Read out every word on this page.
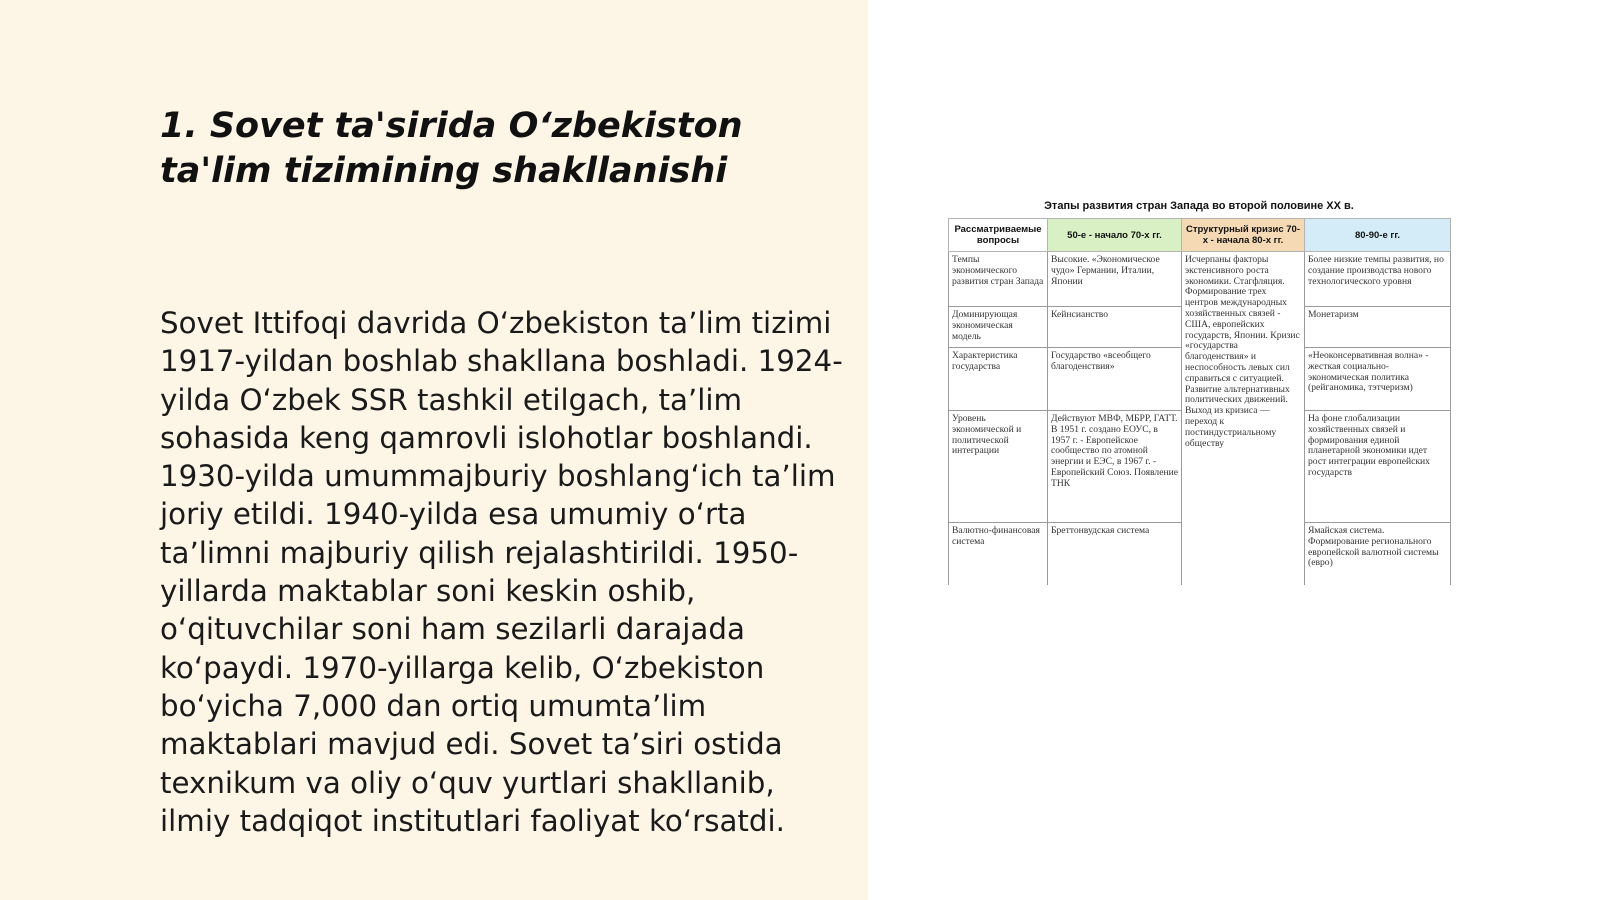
1. Sovet ta'sirida O‘zbekiston ta'lim tizimining shakllanishi

Sovet Ittifoqi davrida O‘zbekiston ta’lim tizimi 1917-yildan boshlab shakllana boshladi. 1924-yilda O‘zbek SSR tashkil etilgach, ta’lim sohasida keng qamrovli islohotlar boshlandi. 1930-yilda umummajburiy boshlang‘ich ta’lim joriy etildi. 1940-yilda esa umumiy o‘rta ta’limni majburiy qilish rejalashtirildi. 1950-yillarda maktablar soni keskin oshib, o‘qituvchilar soni ham sezilarli darajada ko‘paydi. 1970-yillarga kelib, O‘zbekiston bo‘yicha 7,000 dan ortiq umumta’lim maktablari mavjud edi. Sovet ta’siri ostida texnikum va oliy o‘quv yurtlari shakllanib, ilmiy tadqiqot institutlari faoliyat ko‘rsatdi.

Этапы развития стран Запада во второй половине XX в.
Рассматриваемые вопросы	50-е - начало 70-х гг.	Структурный кризис 70-х - начала 80-х гг.	80-90-е гг.
Темпы экономического развития стран Запада	Высокие. «Экономическое чудо» Германии, Италии, Японии	Исчерпаны факторы экстенсивного роста экономики. Стагфляция. Формирование трех центров международных хозяйственных связей - США, европейских государств, Японии. Кризис «государства благоденствия» и неспособность левых сил справиться с ситуацией. Развитие альтернативных политических движений. Выход из кризиса — переход к постиндустриальному обществу	Более низкие темпы развития, но создание производства нового технологического уровня
Доминирующая экономическая модель	Кейнсианство		Монетаризм
Характеристика государства	Государство «всеобщего благоденствия»		«Неоконсервативная волна» - жесткая социально-экономическая политика (рейганомика, тэтчеризм)
Уровень экономической и политической интеграции	Действуют МВФ, МБРР, ГАТТ. В 1951 г. создано ЕОУС, в 1957 г. - Европейское сообщество по атомной энергии и ЕЭС, в 1967 г. - Европейский Союз. Появление ТНК		На фоне глобализации хозяйственных связей и формирования единой планетарной экономики идет рост интеграции европейских государств
Валютно-финансовая система	Бреттонвудская система		Ямайская система. Формирование регионального европейской валютной системы (евро)
